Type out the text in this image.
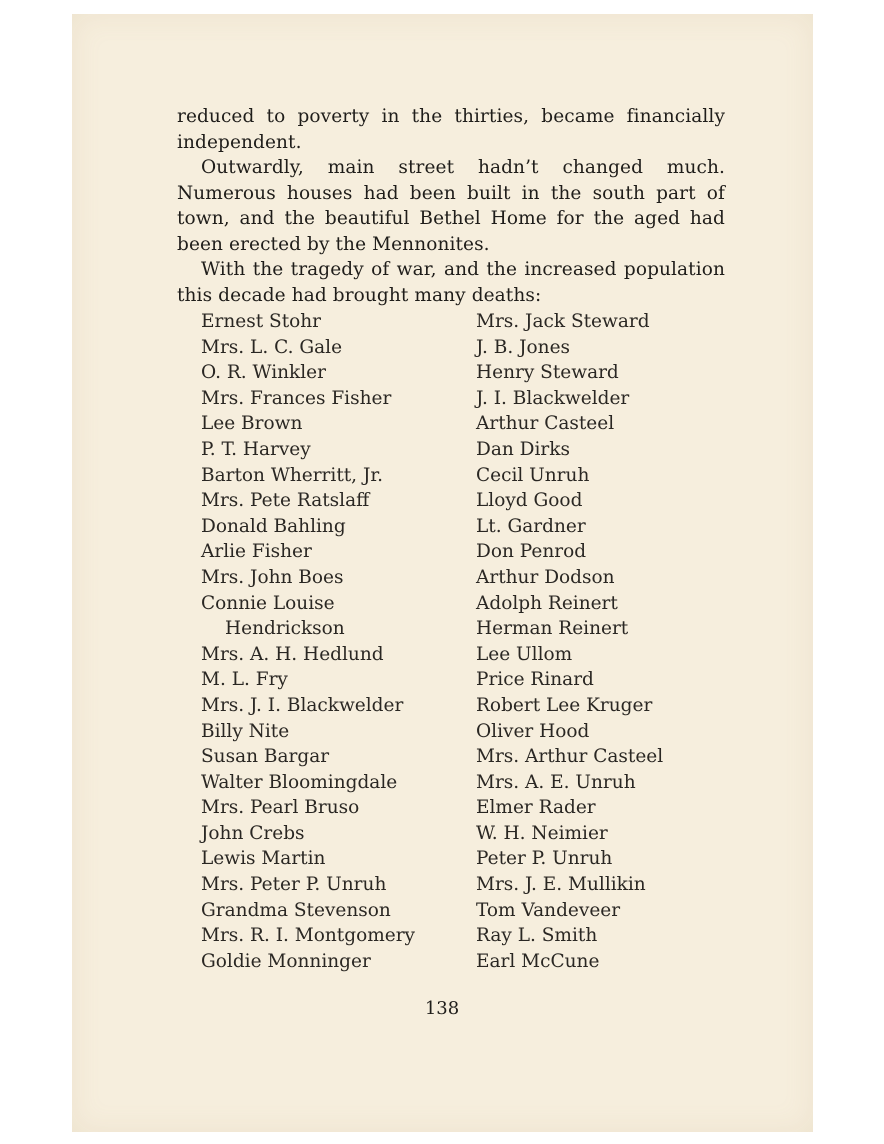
reduced to poverty in the thirties, became financially independent.

Outwardly, main street hadn’t changed much. Numerous houses had been built in the south part of town, and the beautiful Bethel Home for the aged had been erected by the Mennonites.

With the tragedy of war, and the increased population this decade had brought many deaths:

Ernest Stohr
Mrs. L. C. Gale
O. R. Winkler
Mrs. Frances Fisher
Lee Brown
P. T. Harvey
Barton Wherritt, Jr.
Mrs. Pete Ratslaff
Donald Bahling
Arlie Fisher
Mrs. John Boes
Connie Louise
Hendrickson
Mrs. A. H. Hedlund
M. L. Fry
Mrs. J. I. Blackwelder
Billy Nite
Susan Bargar
Walter Bloomingdale
Mrs. Pearl Bruso
John Crebs
Lewis Martin
Mrs. Peter P. Unruh
Grandma Stevenson
Mrs. R. I. Montgomery
Goldie Monninger
Mrs. Jack Steward
J. B. Jones
Henry Steward
J. I. Blackwelder
Arthur Casteel
Dan Dirks
Cecil Unruh
Lloyd Good
Lt. Gardner
Don Penrod
Arthur Dodson
Adolph Reinert
Herman Reinert
Lee Ullom
Price Rinard
Robert Lee Kruger
Oliver Hood
Mrs. Arthur Casteel
Mrs. A. E. Unruh
Elmer Rader
W. H. Neimier
Peter P. Unruh
Mrs. J. E. Mullikin
Tom Vandeveer
Ray L. Smith
Earl McCune
138
